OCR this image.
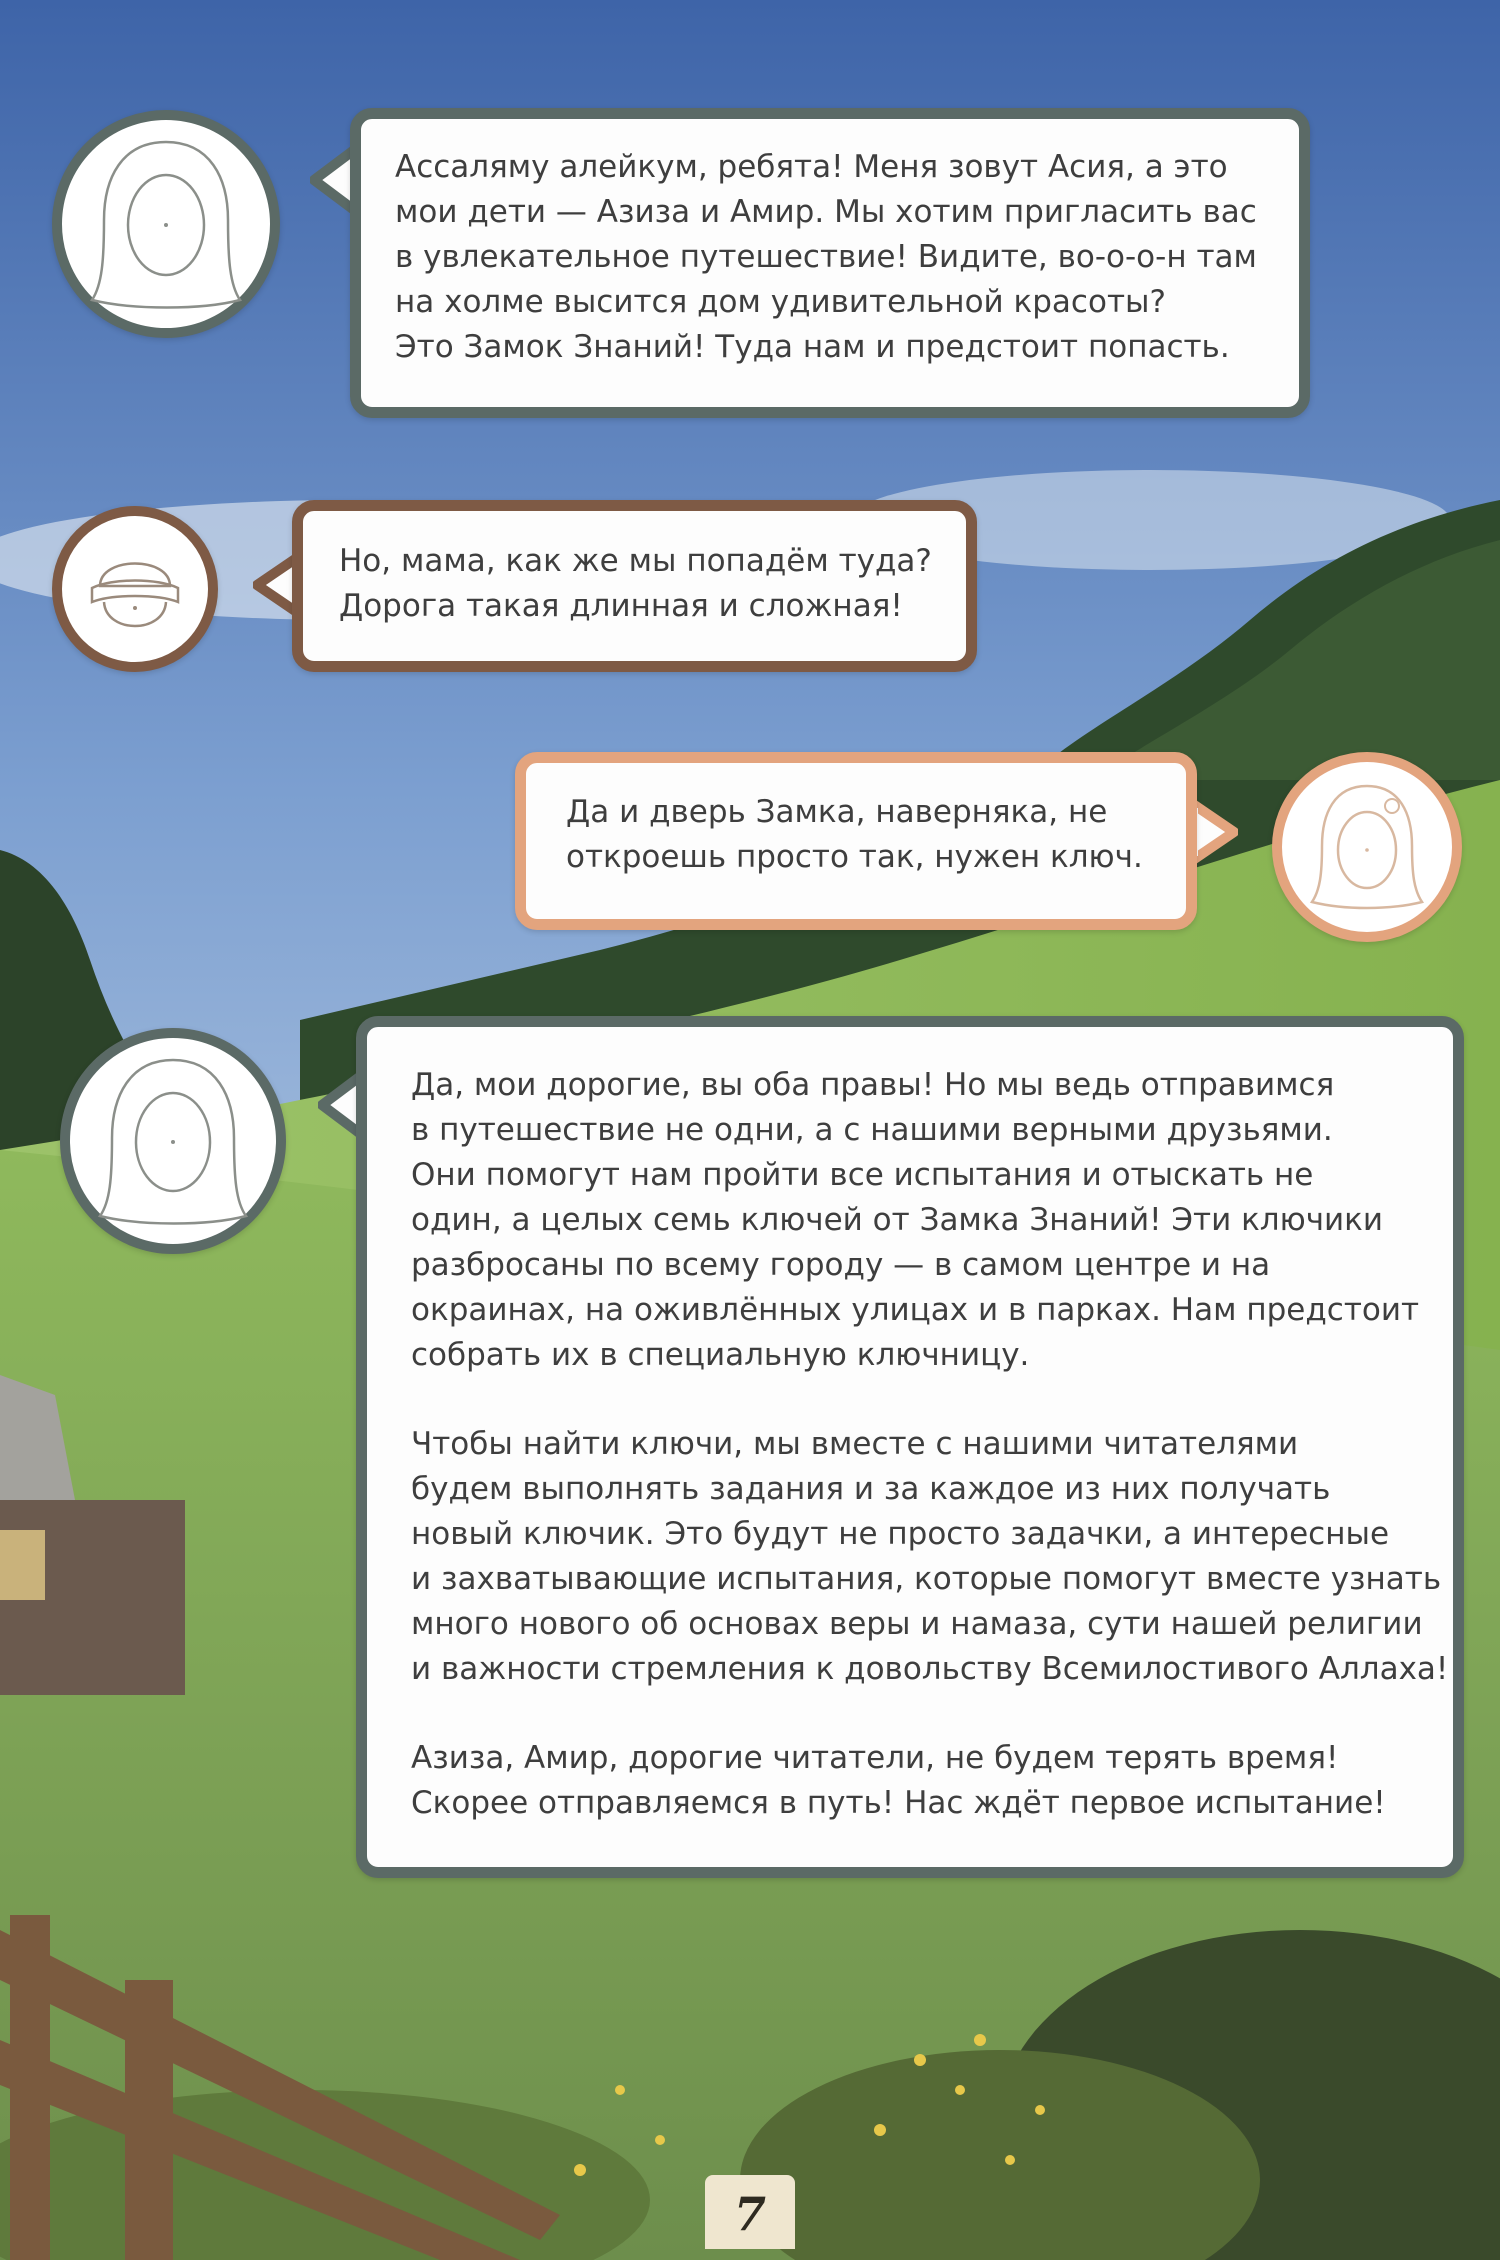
Ассаляму алейкум, ребята! Меня зовут Асия, а это
мои дети — Азиза и Амир. Мы хотим пригласить вас
в увлекательное путешествие! Видите, во-о-о-н там
на холме высится дом удивительной красоты?
Это Замок Знаний! Туда нам и предстоит попасть.

Но, мама, как же мы попадём туда?
Дорога такая длинная и сложная!

Да и дверь Замка, наверняка, не
откроешь просто так, нужен ключ.

Да, мои дорогие, вы оба правы! Но мы ведь отправимся
в путешествие не одни, а с нашими верными друзьями.
Они помогут нам пройти все испытания и отыскать не
один, а целых семь ключей от Замка Знаний! Эти ключики
разбросаны по всему городу — в самом центре и на
окраинах, на оживлённых улицах и в парках. Нам предстоит
собрать их в специальную ключницу.

Чтобы найти ключи, мы вместе с нашими читателями
будем выполнять задания и за каждое из них получать
новый ключик. Это будут не просто задачки, а интересные
и захватывающие испытания, которые помогут вместе узнать
много нового об основах веры и намаза, сути нашей религии
и важности стремления к довольству Всемилостивого Аллаха!

Азиза, Амир, дорогие читатели, не будем терять время!
Скорее отправляемся в путь! Нас ждёт первое испытание!

7
